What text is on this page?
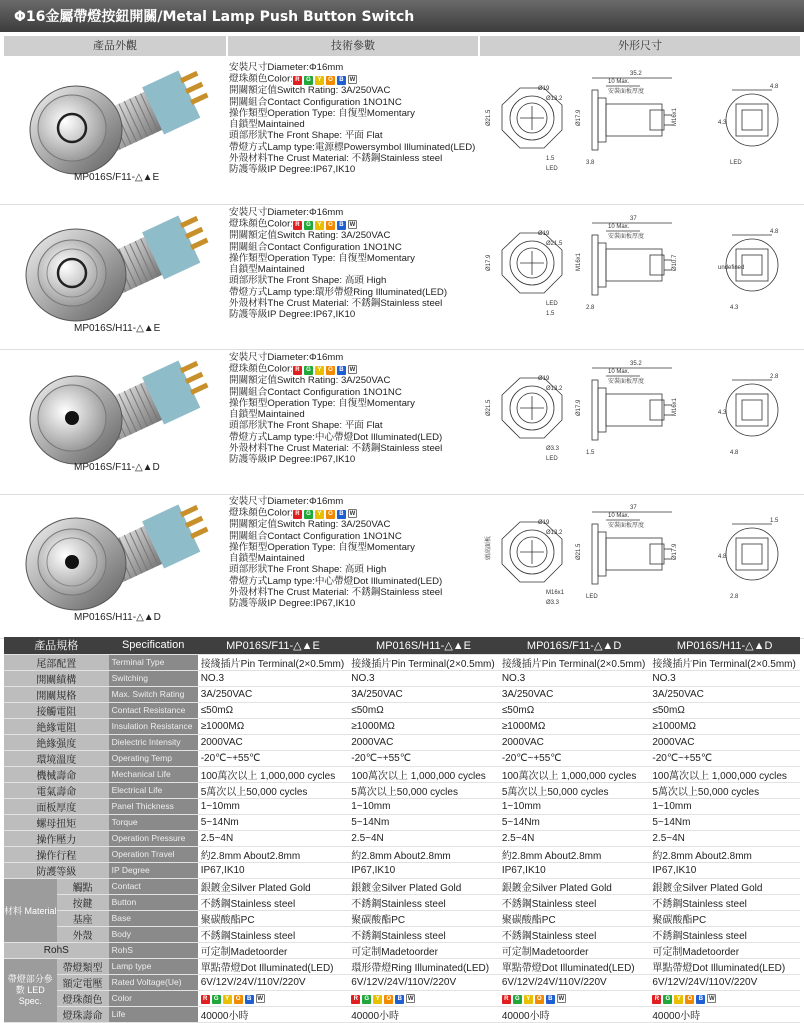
Φ16金屬帶燈按鈕開關/Metal Lamp Push Button Switch
產品外觀	技術參數	外形尺寸
MP016S/F11-△▲E
安裝尺寸Diameter:Φ16mm
燈珠顏色Color: R G Y O B W
開關額定值Switch Rating: 3A/250VAC
開關組合Contact Configuration 1NO1NC
操作類型Operation Type: 自復型Momentary
自鎖型Maintained
頭部形狀The Front Shape: 平面 Flat
帶燈方式Lamp type:電源標Powersymbol Illuminated(LED)
外殼材料The Crust Material: 不銹鋼Stainless steel
防護等級IP Degree:IP67,IK10
35.2
10 Max.
安裝面板厚度
Ø19
Ø13.2
Ø21.5	Ø17.9	M16x1
1.5
LED
3.8
4.8
LED
4.3
MP016S/H11-△▲E
安裝尺寸Diameter:Φ16mm
燈珠顏色Color: R G Y O B W
開關額定值Switch Rating: 3A/250VAC
開關組合Contact Configuration 1NO1NC
操作類型Operation Type: 自復型Momentary
自鎖型Maintained
頭部形狀The Front Shape: 高頭 High
帶燈方式Lamp type:環形帶燈Ring Illuminated(LED)
外殼材料The Crust Material: 不銹鋼Stainless steel
防護等級IP Degree:IP67,IK10
37
10 Max.
安裝面板厚度
Ø19
Ø21.5
Ø17.9	M16x1	Ø10.7
LED
1.5
2.8
4.8
4.3
undefined
MP016S/F11-△▲D
安裝尺寸Diameter:Φ16mm
燈珠顏色Color: R G Y O B W
開關額定值Switch Rating: 3A/250VAC
開關組合Contact Configuration 1NO1NC
操作類型Operation Type: 自復型Momentary
自鎖型Maintained
頭部形狀The Front Shape: 平面 Flat
帶燈方式Lamp type:中心帶燈Dot Illuminated(LED)
外殼材料The Crust Material: 不銹鋼Stainless steel
防護等級IP Degree:IP67,IK10
35.2
10 Max.
安裝面板厚度
Ø19
Ø13.2
Ø21.5	Ø17.9	M16x1
Ø3.3
LED
1.5
2.8
4.8
4.3
MP016S/H11-△▲D
安裝尺寸Diameter:Φ16mm
燈珠顏色Color: R G Y O B W
開關額定值Switch Rating: 3A/250VAC
開關組合Contact Configuration 1NO1NC
操作類型Operation Type: 自復型Momentary
自鎖型Maintained
頭部形狀The Front Shape: 高頭 High
帶燈方式Lamp type:中心帶燈Dot Illuminated(LED)
外殼材料The Crust Material: 不銹鋼Stainless steel
防護等級IP Degree:IP67,IK10
37
10 Max.
安裝面板厚度
Ø19
Ø13.2
頭高面板	Ø21.5	Ø17.9
M16x1
Ø3.3
LED
1.5
2.8
4.8
產品規格		Specification	MP016S/F11-△▲E	MP016S/H11-△▲E	MP016S/F11-△▲D	MP016S/H11-△▲D
尾部配置		Terminal Type	接綫插片Pin Terminal(2×0.5mm)	接綫插片Pin Terminal(2×0.5mm)	接綫插片Pin Terminal(2×0.5mm)	接綫插片Pin Terminal(2×0.5mm)
開關績構		Switching	NO.3	NO.3	NO.3	NO.3
開關規格		Max. Switch Rating	3A/250VAC	3A/250VAC	3A/250VAC	3A/250VAC
接觸電阻		Contact Resistance	≤50mΩ	≤50mΩ	≤50mΩ	≤50mΩ
絶緣電阻		Insulation Resistance	≥1000MΩ	≥1000MΩ	≥1000MΩ	≥1000MΩ
絶緣强度		Dielectric Intensity	2000VAC	2000VAC	2000VAC	2000VAC
環境溫度		Operating Temp	-20℃~+55℃	-20℃~+55℃	-20℃~+55℃	-20℃~+55℃
機械壽命		Mechanical Life	100萬次以上 1,000,000 cycles	100萬次以上 1,000,000 cycles	100萬次以上 1,000,000 cycles	100萬次以上 1,000,000 cycles
電氣壽命		Electrical Life	5萬次以上50,000 cycles	5萬次以上50,000 cycles	5萬次以上50,000 cycles	5萬次以上50,000 cycles
面板厚度		Panel Thickness	1~10mm	1~10mm	1~10mm	1~10mm
螺母扭矩		Torque	5~14Nm	5~14Nm	5~14Nm	5~14Nm
操作壓力		Operation Pressure	2.5~4N	2.5~4N	2.5~4N	2.5~4N
操作行程		Operation Travel	約2.8mm About2.8mm	約2.8mm About2.8mm	約2.8mm About2.8mm	約2.8mm About2.8mm
防護等級		IP Degree	IP67,IK10	IP67,IK10	IP67,IK10	IP67,IK10
材料 Material	觸點	Contact	銀鍍金Silver Plated Gold	銀鍍金Silver Plated Gold	銀鍍金Silver Plated Gold	銀鍍金Silver Plated Gold
	按鍵	Button	不銹鋼Stainless steel	不銹鋼Stainless steel	不銹鋼Stainless steel	不銹鋼Stainless steel
	基座	Base	聚碳酸酯PC	聚碳酸酯PC	聚碳酸酯PC	聚碳酸酯PC
	外殼	Body	不銹鋼Stainless steel	不銹鋼Stainless steel	不銹鋼Stainless steel	不銹鋼Stainless steel
RohS		RohS	可定制Madetoorder	可定制Madetoorder	可定制Madetoorder	可定制Madetoorder
帶燈部分參數 LED Spec.	帶燈類型	Lamp type	單點帶燈Dot Illuminated(LED)	環形帶燈Ring Illuminated(LED)	單點帶燈Dot Illuminated(LED)	單點帶燈Dot Illuminated(LED)
	額定電壓	Rated Voltage(Ue)	6V/12V/24V/110V/220V	6V/12V/24V/110V/220V	6V/12V/24V/110V/220V	6V/12V/24V/110V/220V
	燈珠顏色	Color	R G Y O B W	R G Y O B W	R G Y O B W	R G Y O B W
	燈珠壽命	Life	40000小時	40000小時	40000小時	40000小時
